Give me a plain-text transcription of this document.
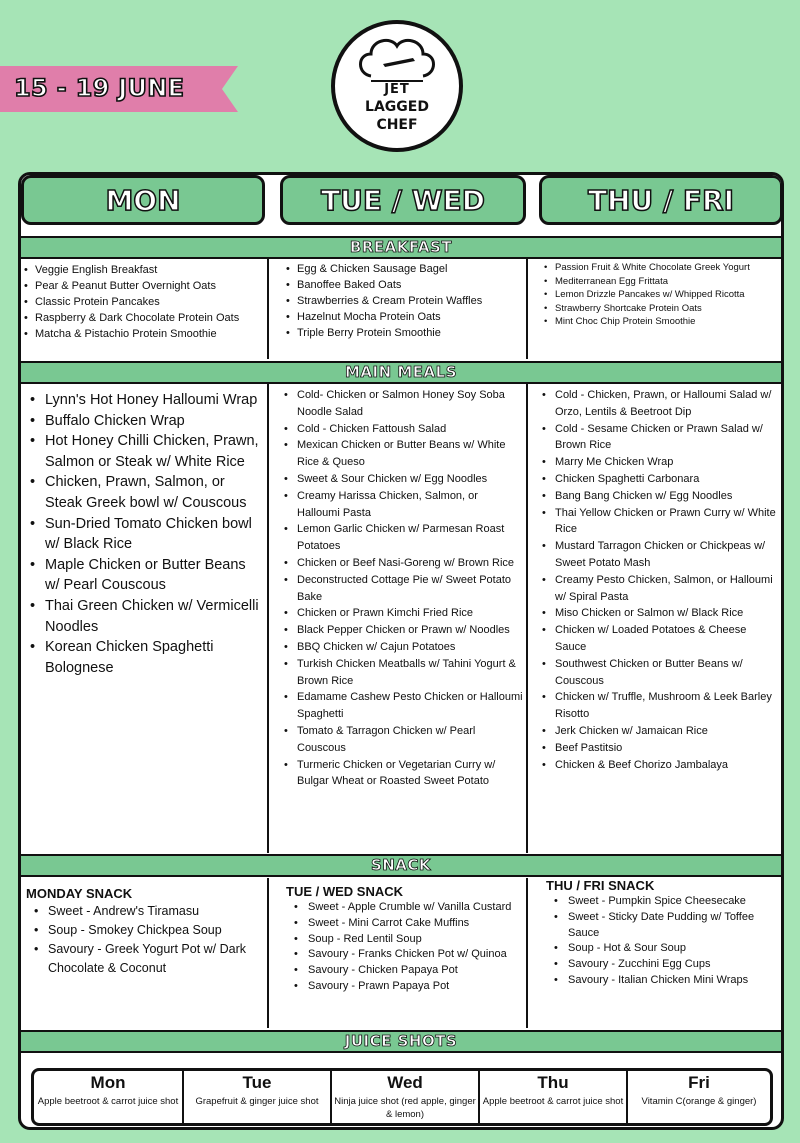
15 - 19 JUNE	JET
LAGGED
CHEF
MON	TUE / WED	THU / FRI
BREAKFAST
• Veggie English Breakfast
• Pear & Peanut Butter Overnight Oats
• Classic Protein Pancakes
• Raspberry & Dark Chocolate Protein Oats
• Matcha & Pistachio Protein Smoothie
• Egg & Chicken Sausage Bagel
• Banoffee Baked Oats
• Strawberries & Cream Protein Waffles
• Hazelnut Mocha Protein Oats
• Triple Berry Protein Smoothie
• Passion Fruit & White Chocolate Greek Yogurt
• Mediterranean Egg Frittata
• Lemon Drizzle Pancakes w/ Whipped Ricotta
• Strawberry Shortcake Protein Oats
• Mint Choc Chip Protein Smoothie
MAIN MEALS
• Lynn's Hot Honey Halloumi Wrap
• Buffalo Chicken Wrap
• Hot Honey Chilli Chicken, Prawn, Salmon or Steak w/ White Rice
• Chicken, Prawn, Salmon, or Steak Greek bowl w/ Couscous
• Sun-Dried Tomato Chicken bowl w/ Black Rice
• Maple Chicken or Butter Beans w/ Pearl Couscous
• Thai Green Chicken w/ Vermicelli Noodles
• Korean Chicken Spaghetti Bolognese
• Cold- Chicken or Salmon Honey Soy Soba Noodle Salad
• Cold - Chicken Fattoush Salad
• Mexican Chicken or Butter Beans w/ White Rice & Queso
• Sweet & Sour Chicken w/ Egg Noodles
• Creamy Harissa Chicken, Salmon, or Halloumi Pasta
• Lemon Garlic Chicken w/ Parmesan Roast Potatoes
• Chicken or Beef Nasi-Goreng w/ Brown Rice
• Deconstructed Cottage Pie w/ Sweet Potato Bake
• Chicken or Prawn Kimchi Fried Rice
• Black Pepper Chicken or Prawn w/ Noodles
• BBQ Chicken w/ Cajun Potatoes
• Turkish Chicken Meatballs w/ Tahini Yogurt & Brown Rice
• Edamame Cashew Pesto Chicken or Halloumi Spaghetti
• Tomato & Tarragon Chicken w/ Pearl Couscous
• Turmeric Chicken or Vegetarian Curry w/ Bulgar Wheat or Roasted Sweet Potato
• Cold - Chicken, Prawn, or Halloumi Salad w/ Orzo, Lentils & Beetroot Dip
• Cold - Sesame Chicken or Prawn Salad w/ Brown Rice
• Marry Me Chicken Wrap
• Chicken Spaghetti Carbonara
• Bang Bang Chicken w/ Egg Noodles
• Thai Yellow Chicken or Prawn Curry w/ White Rice
• Mustard Tarragon Chicken or Chickpeas w/ Sweet Potato Mash
• Creamy Pesto Chicken, Salmon, or Halloumi w/ Spiral Pasta
• Miso Chicken or Salmon w/ Black Rice
• Chicken w/ Loaded Potatoes & Cheese Sauce
• Southwest Chicken or Butter Beans w/ Couscous
• Chicken w/ Truffle, Mushroom & Leek Barley Risotto
• Jerk Chicken w/ Jamaican Rice
• Beef Pastitsio
• Chicken & Beef Chorizo Jambalaya
SNACK
MONDAY SNACK
• Sweet - Andrew's Tiramasu
• Soup - Smokey Chickpea Soup
• Savoury - Greek Yogurt Pot w/ Dark Chocolate & Coconut
TUE / WED SNACK
• Sweet - Apple Crumble w/ Vanilla Custard
• Sweet - Mini Carrot Cake Muffins
• Soup - Red Lentil Soup
• Savoury - Franks Chicken Pot w/ Quinoa
• Savoury - Chicken Papaya Pot
• Savoury - Prawn Papaya Pot
THU / FRI SNACK
• Sweet - Pumpkin Spice Cheesecake
• Sweet - Sticky Date Pudding w/ Toffee Sauce
• Soup - Hot & Sour Soup
• Savoury - Zucchini Egg Cups
• Savoury - Italian Chicken Mini Wraps
JUICE SHOTS
Mon
Apple beetroot & carrot juice shot
Tue
Grapefruit & ginger juice shot
Wed
Ninja juice shot (red apple, ginger & lemon)
Thu
Apple beetroot & carrot juice shot
Fri
Vitamin C(orange & ginger)
